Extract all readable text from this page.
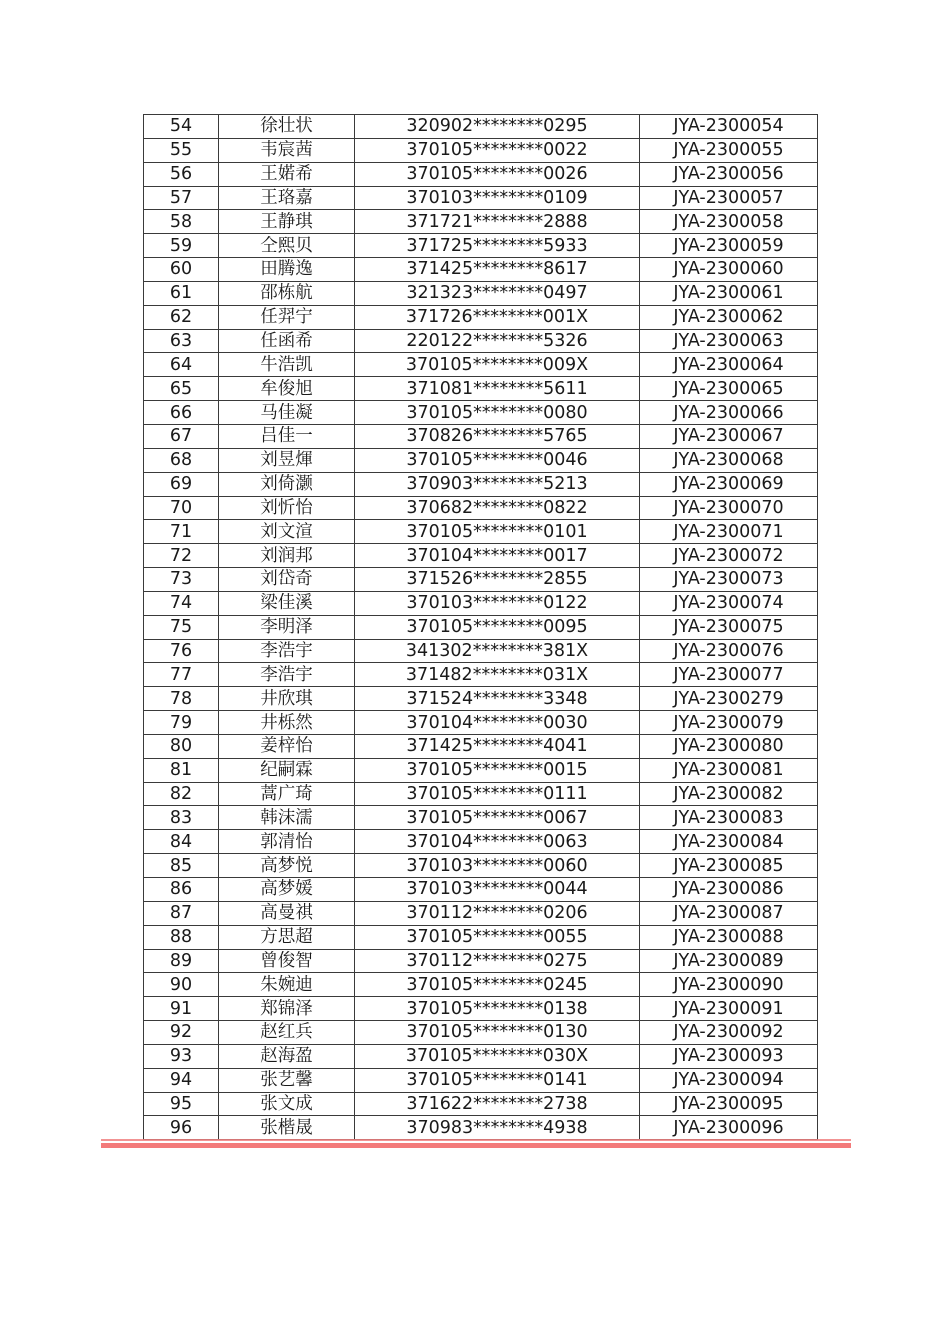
54	徐壮状	320902********0295	JYA-2300054
55	韦宸茜	370105********0022	JYA-2300055
56	王婼希	370105********0026	JYA-2300056
57	王珞嘉	370103********0109	JYA-2300057
58	王静琪	371721********2888	JYA-2300058
59	仝熙贝	371725********5933	JYA-2300059
60	田腾逸	371425********8617	JYA-2300060
61	邵栋航	321323********0497	JYA-2300061
62	任羿宁	371726********001X	JYA-2300062
63	任函希	220122********5326	JYA-2300063
64	牛浩凯	370105********009X	JYA-2300064
65	牟俊旭	371081********5611	JYA-2300065
66	马佳凝	370105********0080	JYA-2300066
67	吕佳一	370826********5765	JYA-2300067
68	刘昱煇	370105********0046	JYA-2300068
69	刘倚灏	370903********5213	JYA-2300069
70	刘忻怡	370682********0822	JYA-2300070
71	刘文渲	370105********0101	JYA-2300071
72	刘润邦	370104********0017	JYA-2300072
73	刘岱奇	371526********2855	JYA-2300073
74	梁佳溪	370103********0122	JYA-2300074
75	李明泽	370105********0095	JYA-2300075
76	李浩宇	341302********381X	JYA-2300076
77	李浩宇	371482********031X	JYA-2300077
78	井欣琪	371524********3348	JYA-2300279
79	井栎然	370104********0030	JYA-2300079
80	姜梓怡	371425********4041	JYA-2300080
81	纪嗣霖	370105********0015	JYA-2300081
82	蒿广琦	370105********0111	JYA-2300082
83	韩沫濡	370105********0067	JYA-2300083
84	郭清怡	370104********0063	JYA-2300084
85	高梦悦	370103********0060	JYA-2300085
86	高梦媛	370103********0044	JYA-2300086
87	高曼祺	370112********0206	JYA-2300087
88	方思超	370105********0055	JYA-2300088
89	曾俊智	370112********0275	JYA-2300089
90	朱婉迪	370105********0245	JYA-2300090
91	郑锦泽	370105********0138	JYA-2300091
92	赵红兵	370105********0130	JYA-2300092
93	赵海盈	370105********030X	JYA-2300093
94	张艺馨	370105********0141	JYA-2300094
95	张文成	371622********2738	JYA-2300095
96	张楷晟	370983********4938	JYA-2300096
